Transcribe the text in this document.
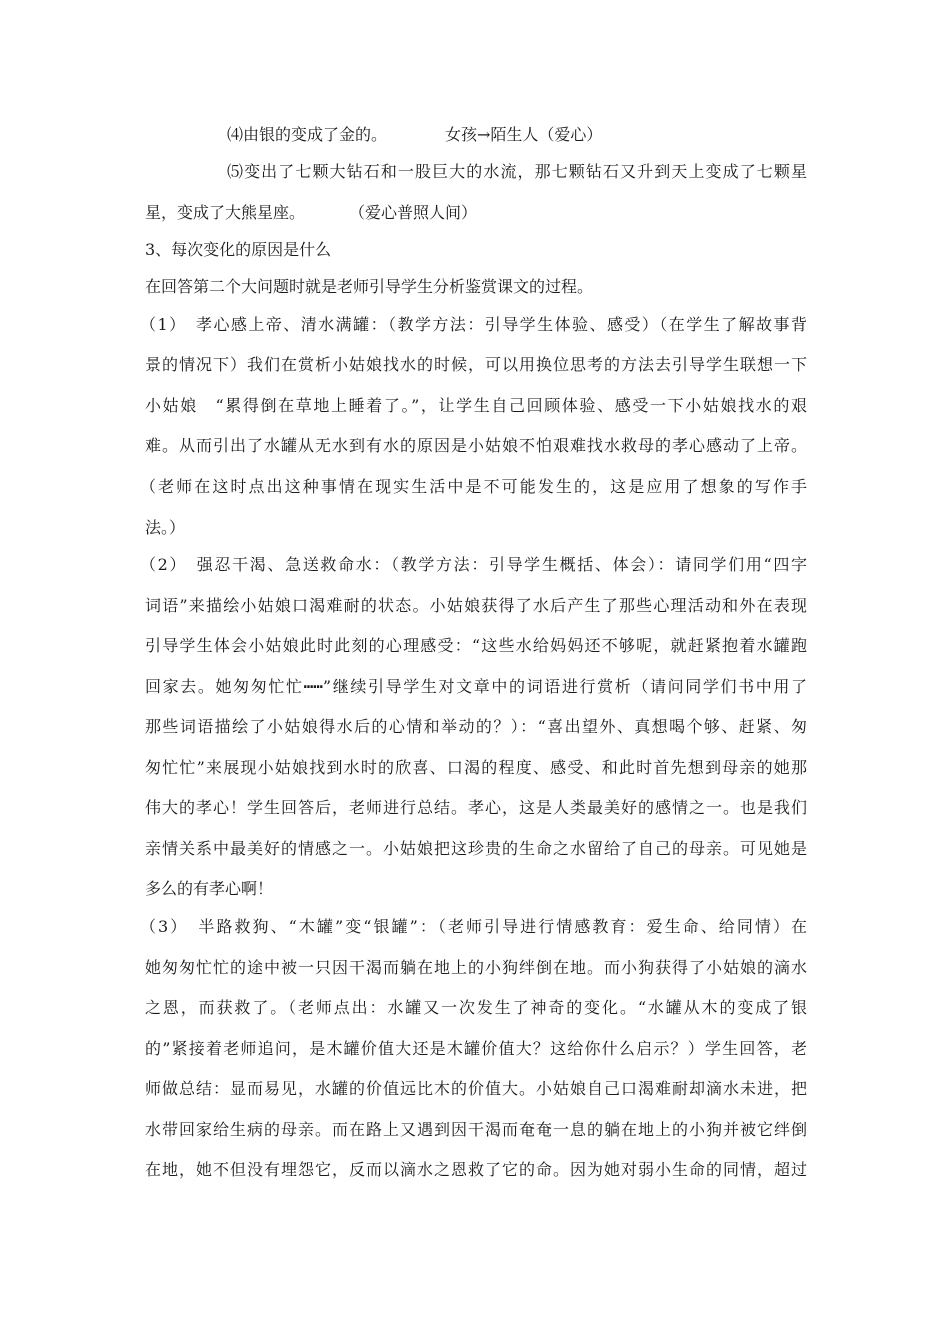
⑷由银的变成了金的。	女孩→陌生人（爱心）
⑸变出了七颗大钻石和一股巨大的水流，那七颗钻石又升到天上变成了七颗星
星，变成了大熊星座。	（爱心普照人间）
3、每次变化的原因是什么
在回答第二个大问题时就是老师引导学生分析鉴赏课文的过程。
（1）　孝心感上帝、清水满罐：（教学方法：引导学生体验、感受）（在学生了解故事背
景的情况下）我们在赏析小姑娘找水的时候，可以用换位思考的方法去引导学生联想一下
小姑娘　“累得倒在草地上睡着了。”，让学生自己回顾体验、感受一下小姑娘找水的艰
难。从而引出了水罐从无水到有水的原因是小姑娘不怕艰难找水救母的孝心感动了上帝。
（老师在这时点出这种事情在现实生活中是不可能发生的，这是应用了想象的写作手
法。）
（2）　强忍干渴、急送救命水：（教学方法：引导学生概括、体会）：请同学们用“四字
词语”来描绘小姑娘口渴难耐的状态。小姑娘获得了水后产生了那些心理活动和外在表现
引导学生体会小姑娘此时此刻的心理感受：“这些水给妈妈还不够呢，就赶紧抱着水罐跑
回家去。她匆匆忙忙┅┅”继续引导学生对文章中的词语进行赏析（请问同学们书中用了
那些词语描绘了小姑娘得水后的心情和举动的？）：“喜出望外、真想喝个够、赶紧、匆
匆忙忙”来展现小姑娘找到水时的欣喜、口渴的程度、感受、和此时首先想到母亲的她那
伟大的孝心！学生回答后，老师进行总结。孝心，这是人类最美好的感情之一。也是我们
亲情关系中最美好的情感之一。小姑娘把这珍贵的生命之水留给了自己的母亲。可见她是
多么的有孝心啊！
（3）　半路救狗、“木罐”变“银罐”：（老师引导进行情感教育：爱生命、给同情）在
她匆匆忙忙的途中被一只因干渴而躺在地上的小狗绊倒在地。而小狗获得了小姑娘的滴水
之恩，而获救了。（老师点出：水罐又一次发生了神奇的变化。“水罐从木的变成了银
的”紧接着老师追问，是木罐价值大还是木罐价值大？这给你什么启示？）学生回答，老
师做总结：显而易见，水罐的价值远比木的价值大。小姑娘自己口渴难耐却滴水未进，把
水带回家给生病的母亲。而在路上又遇到因干渴而奄奄一息的躺在地上的小狗并被它绊倒
在地，她不但没有埋怨它，反而以滴水之恩救了它的命。因为她对弱小生命的同情，超过
